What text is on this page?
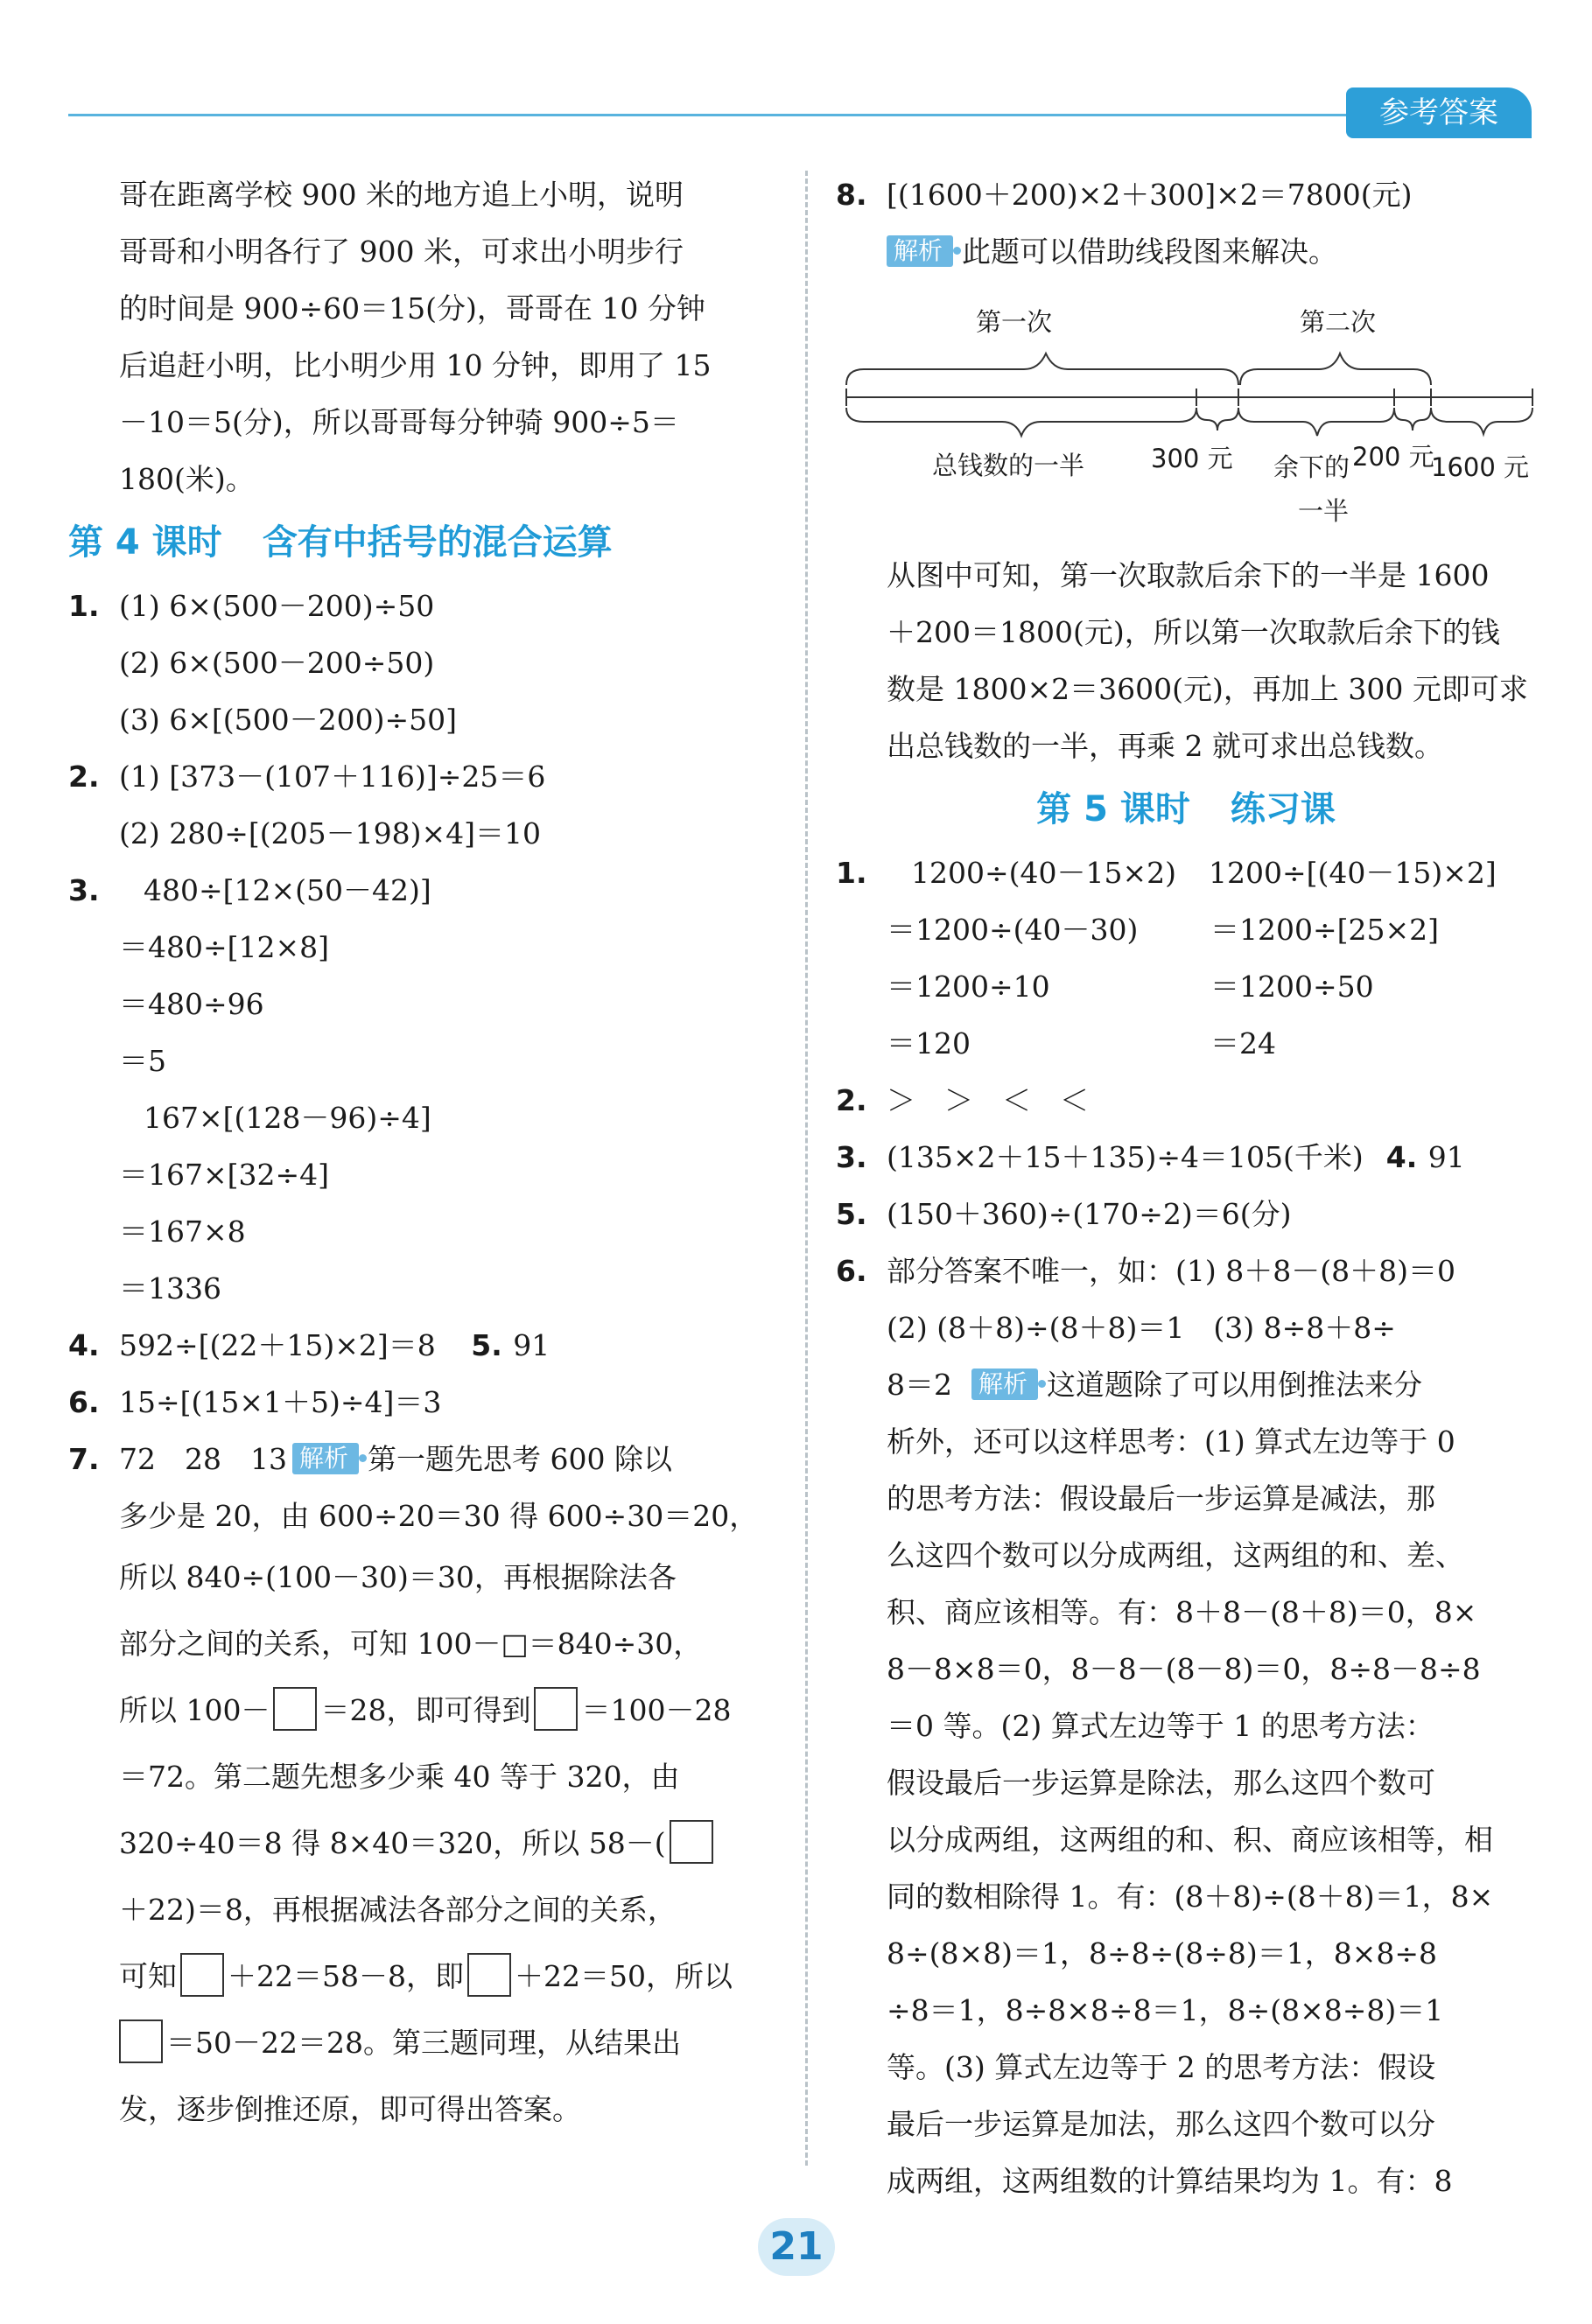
参考答案
哥在距离学校 900 米的地方追上小明，说明
哥哥和小明各行了 900 米，可求出小明步行
的时间是 900÷60＝15(分)，哥哥在 10 分钟
后追赶小明，比小明少用 10 分钟，即用了 15
－10＝5(分)，所以哥哥每分钟骑 900÷5＝
180(米)。
第 4 课时 含有中括号的混合运算
1. (1) 6×(500－200)÷50
(2) 6×(500－200÷50)
(3) 6×[(500－200)÷50]
2. (1) [373－(107＋116)]÷25＝6
(2) 280÷[(205－198)×4]＝10
3. 480÷[12×(50－42)]
＝480÷[12×8]
＝480÷96
＝5
167×[(128－96)÷4]
＝167×[32÷4]
＝167×8
＝1336
4. 592÷[(22＋15)×2]＝8 5. 91
6. 15÷[(15×1＋5)÷4]＝3
7. 72　28　13 解析 第一题先思考 600 除以
多少是 20，由 600÷20＝30 得 600÷30＝20，
所以 840÷(100－30)＝30，再根据除法各
部分之间的关系，可知 100－□＝840÷30，
所以 100－ ＝28，即可得到 ＝100－28
＝72。第二题先想多少乘 40 等于 320，由
320÷40＝8 得 8×40＝320，所以 58－(
＋22)＝8，再根据减法各部分之间的关系，
可知 ＋22＝58－8，即 ＋22＝50，所以
＝50－22＝28。第三题同理，从结果出
发，逐步倒推还原，即可得出答案。
8. [(1600＋200)×2＋300]×2＝7800(元)
解析 此题可以借助线段图来解决。
第一次	第二次
总钱数的一半	300 元 余下的
一半
200 元
1600 元
从图中可知，第一次取款后余下的一半是 1600
＋200＝1800(元)，所以第一次取款后余下的钱
数是 1800×2＝3600(元)，再加上 300 元即可求
出总钱数的一半，再乘 2 就可求出总钱数。
第 5 课时 练习课
1. 1200÷(40－15×2) 1200÷[(40－15)×2]
＝1200÷(40－30)	＝1200÷[25×2]
＝1200÷10	＝1200÷50
＝120	＝24
2. ＞　＞　＜　＜
3. (135×2＋15＋135)÷4＝105(千米) 4. 91
5. (150＋360)÷(170÷2)＝6(分)
6. 部分答案不唯一，如：(1) 8＋8－(8＋8)＝0
(2) (8＋8)÷(8＋8)＝1　(3) 8÷8＋8÷
8＝2 解析 这道题除了可以用倒推法来分
析外，还可以这样思考：(1) 算式左边等于 0
的思考方法：假设最后一步运算是减法，那
么这四个数可以分成两组，这两组的和、差、
积、商应该相等。有：8＋8－(8＋8)＝0，8×
8－8×8＝0，8－8－(8－8)＝0，8÷8－8÷8
＝0 等。(2) 算式左边等于 1 的思考方法：
假设最后一步运算是除法，那么这四个数可
以分成两组，这两组的和、积、商应该相等，相
同的数相除得 1。有：(8＋8)÷(8＋8)＝1，8×
8÷(8×8)＝1，8÷8÷(8÷8)＝1，8×8÷8
÷8＝1，8÷8×8÷8＝1，8÷(8×8÷8)＝1
等。(3) 算式左边等于 2 的思考方法：假设
最后一步运算是加法，那么这四个数可以分
成两组，这两组数的计算结果均为 1。有：8
21
